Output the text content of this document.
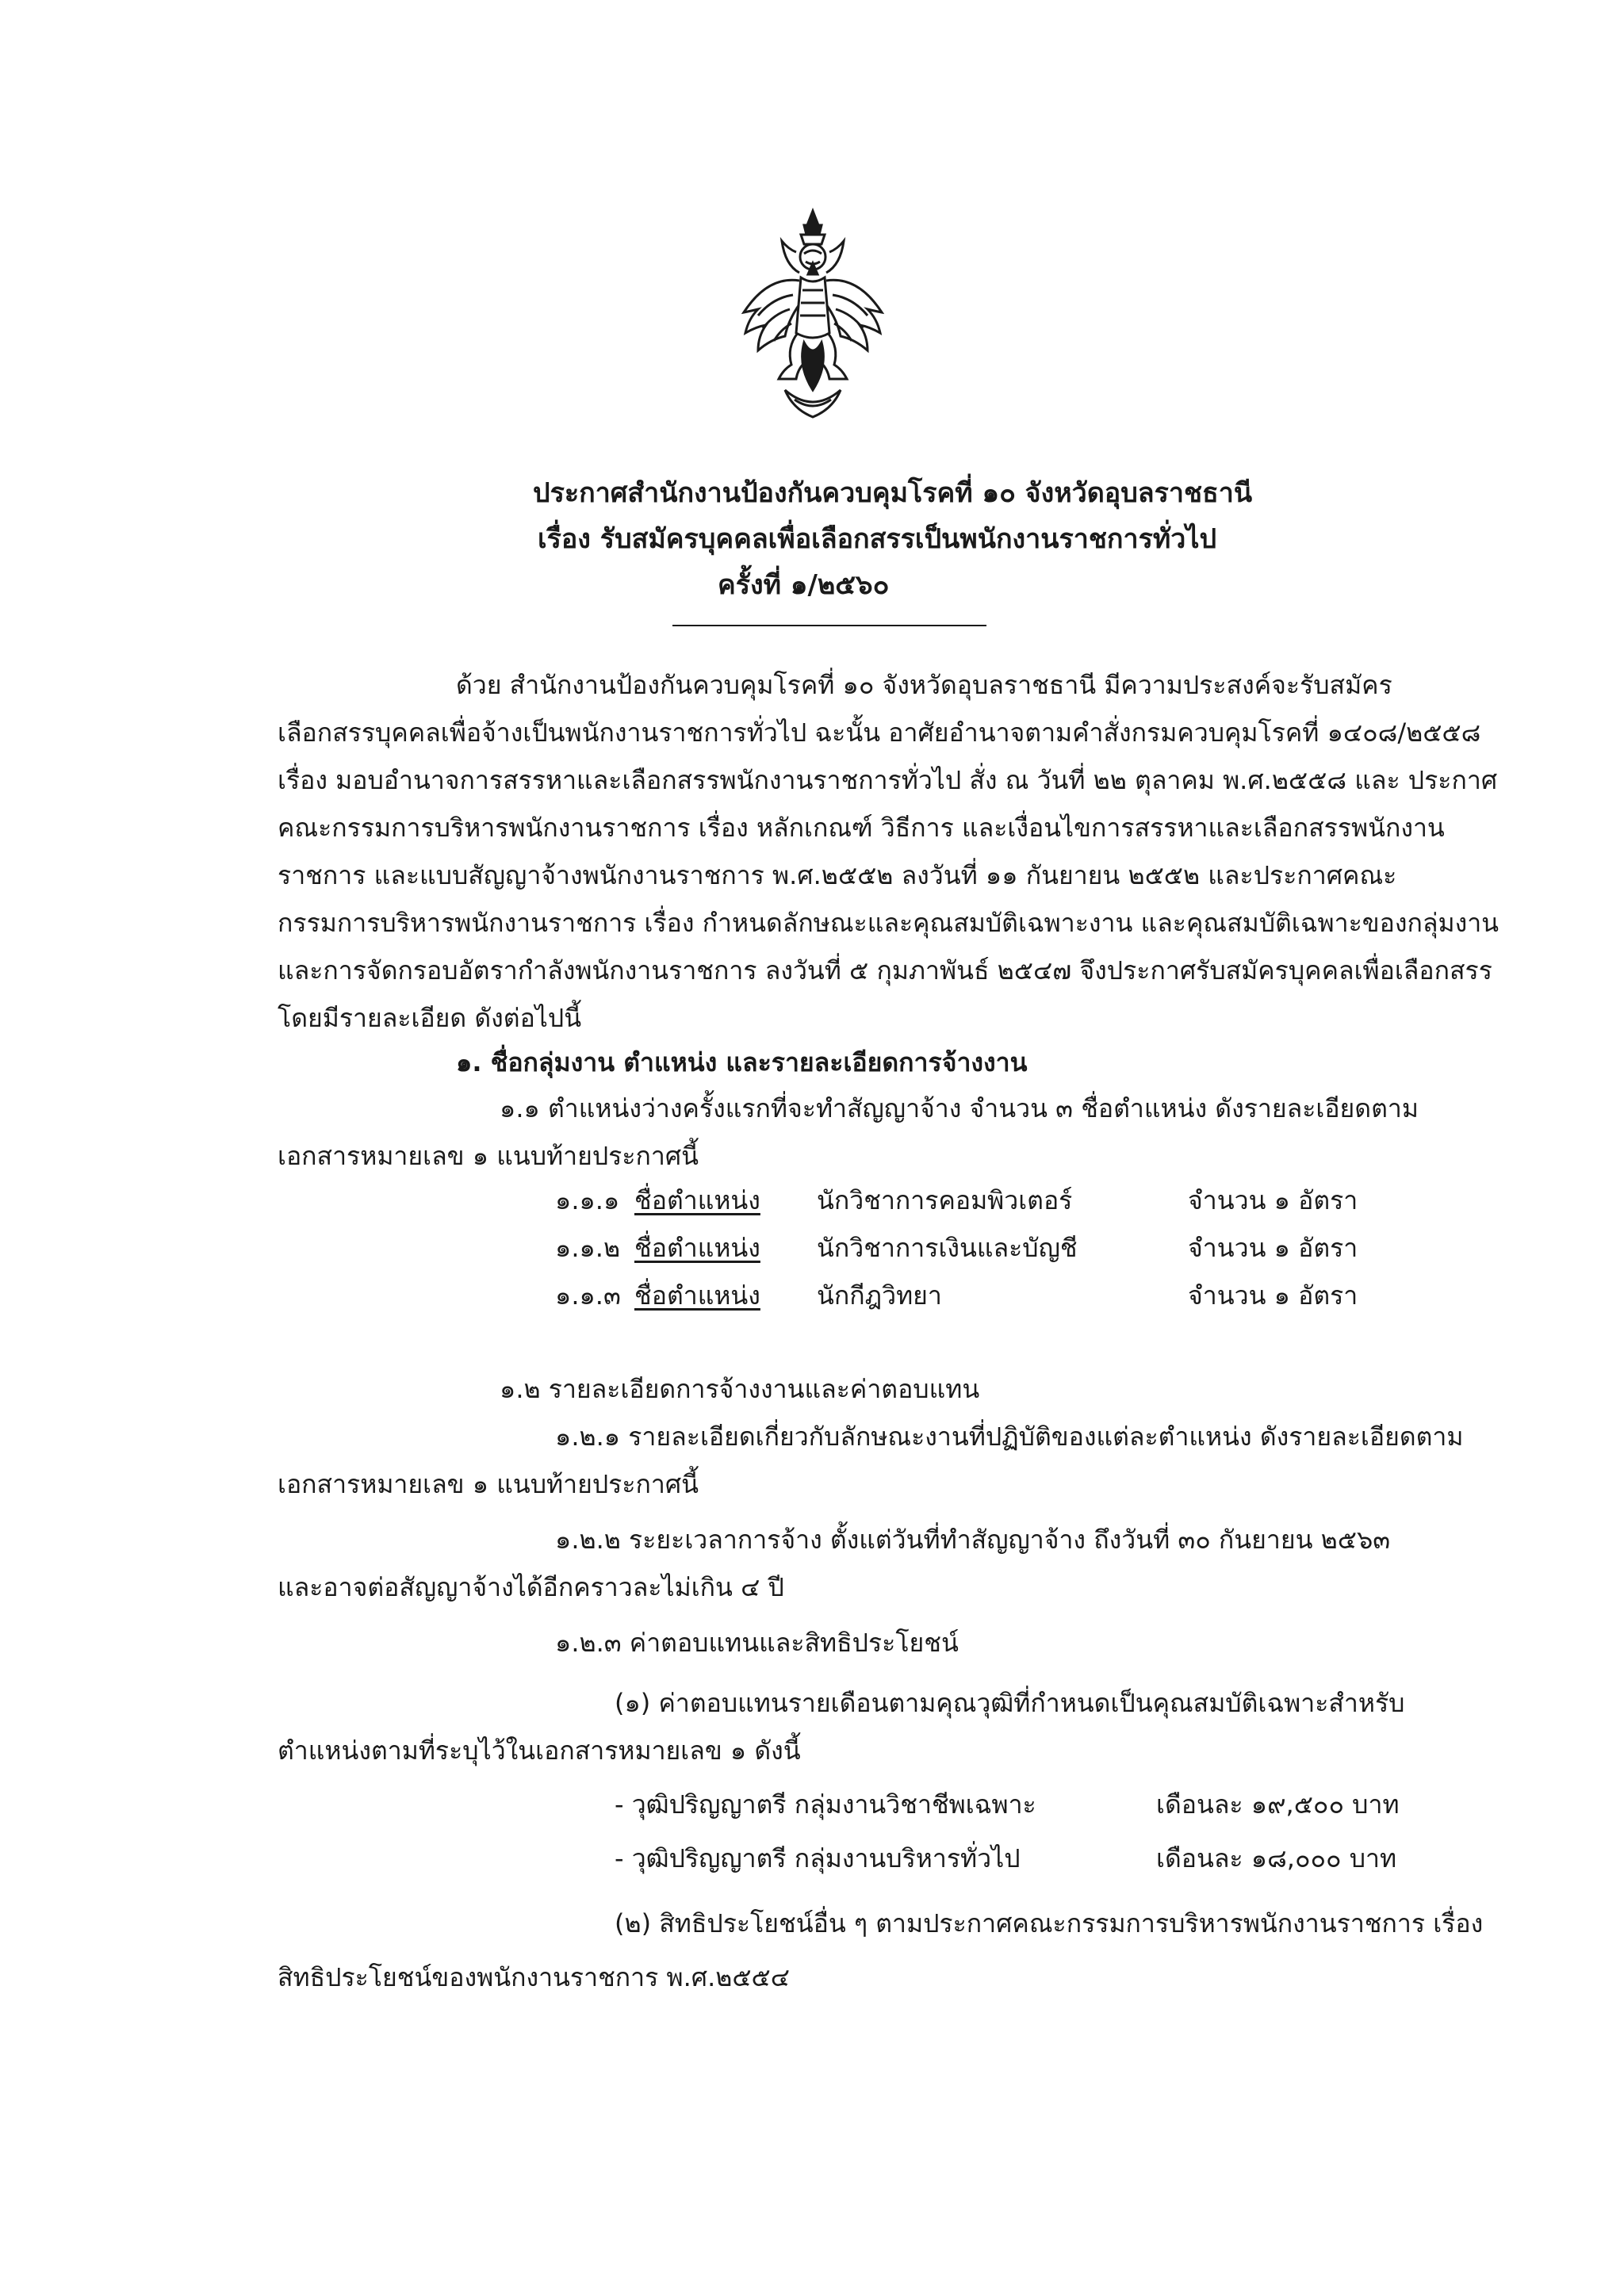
ประกาศสำนักงานป้องกันควบคุมโรคที่ ๑๐ จังหวัดอุบลราชธานี
เรื่อง รับสมัครบุคคลเพื่อเลือกสรรเป็นพนักงานราชการทั่วไป
ครั้งที่ ๑/๒๕๖๐
ด้วย สำนักงานป้องกันควบคุมโรคที่ ๑๐ จังหวัดอุบลราชธานี มีความประสงค์จะรับสมัคร
เลือกสรรบุคคลเพื่อจ้างเป็นพนักงานราชการทั่วไป ฉะนั้น อาศัยอำนาจตามคำสั่งกรมควบคุมโรคที่ ๑๔๐๘/๒๕๕๘
เรื่อง มอบอำนาจการสรรหาและเลือกสรรพนักงานราชการทั่วไป สั่ง ณ วันที่ ๒๒ ตุลาคม พ.ศ.๒๕๕๘ และ ประกาศ
คณะกรรมการบริหารพนักงานราชการ เรื่อง หลักเกณฑ์ วิธีการ และเงื่อนไขการสรรหาและเลือกสรรพนักงาน
ราชการ และแบบสัญญาจ้างพนักงานราชการ พ.ศ.๒๕๕๒ ลงวันที่ ๑๑ กันยายน ๒๕๕๒ และประกาศคณะ
กรรมการบริหารพนักงานราชการ เรื่อง กำหนดลักษณะและคุณสมบัติเฉพาะงาน และคุณสมบัติเฉพาะของกลุ่มงาน
และการจัดกรอบอัตรากำลังพนักงานราชการ ลงวันที่ ๕ กุมภาพันธ์ ๒๕๔๗ จึงประกาศรับสมัครบุคคลเพื่อเลือกสรร
โดยมีรายละเอียด ดังต่อไปนี้
๑. ชื่อกลุ่มงาน ตำแหน่ง และรายละเอียดการจ้างงาน
๑.๑ ตำแหน่งว่างครั้งแรกที่จะทำสัญญาจ้าง จำนวน ๓ ชื่อตำแหน่ง ดังรายละเอียดตาม
เอกสารหมายเลข ๑ แนบท้ายประกาศนี้
๑.๑.๑ ชื่อตำแหน่ง นักวิชาการคอมพิวเตอร์	จำนวน ๑ อัตรา
๑.๑.๒ ชื่อตำแหน่ง นักวิชาการเงินและบัญชี	จำนวน ๑ อัตรา
๑.๑.๓ ชื่อตำแหน่ง นักกีฎวิทยา	จำนวน ๑ อัตรา
๑.๒ รายละเอียดการจ้างงานและค่าตอบแทน
๑.๒.๑ รายละเอียดเกี่ยวกับลักษณะงานที่ปฏิบัติของแต่ละตำแหน่ง ดังรายละเอียดตาม
เอกสารหมายเลข ๑ แนบท้ายประกาศนี้
๑.๒.๒ ระยะเวลาการจ้าง ตั้งแต่วันที่ทำสัญญาจ้าง ถึงวันที่ ๓๐ กันยายน ๒๕๖๓
และอาจต่อสัญญาจ้างได้อีกคราวละไม่เกิน ๔ ปี
๑.๒.๓ ค่าตอบแทนและสิทธิประโยชน์
(๑) ค่าตอบแทนรายเดือนตามคุณวุฒิที่กำหนดเป็นคุณสมบัติเฉพาะสำหรับ
ตำแหน่งตามที่ระบุไว้ในเอกสารหมายเลข ๑ ดังนี้
- วุฒิปริญญาตรี กลุ่มงานวิชาชีพเฉพาะ	เดือนละ ๑๙,๕๐๐ บาท
- วุฒิปริญญาตรี กลุ่มงานบริหารทั่วไป	เดือนละ ๑๘,๐๐๐ บาท
(๒) สิทธิประโยชน์อื่น ๆ ตามประกาศคณะกรรมการบริหารพนักงานราชการ เรื่อง
สิทธิประโยชน์ของพนักงานราชการ พ.ศ.๒๕๕๔
